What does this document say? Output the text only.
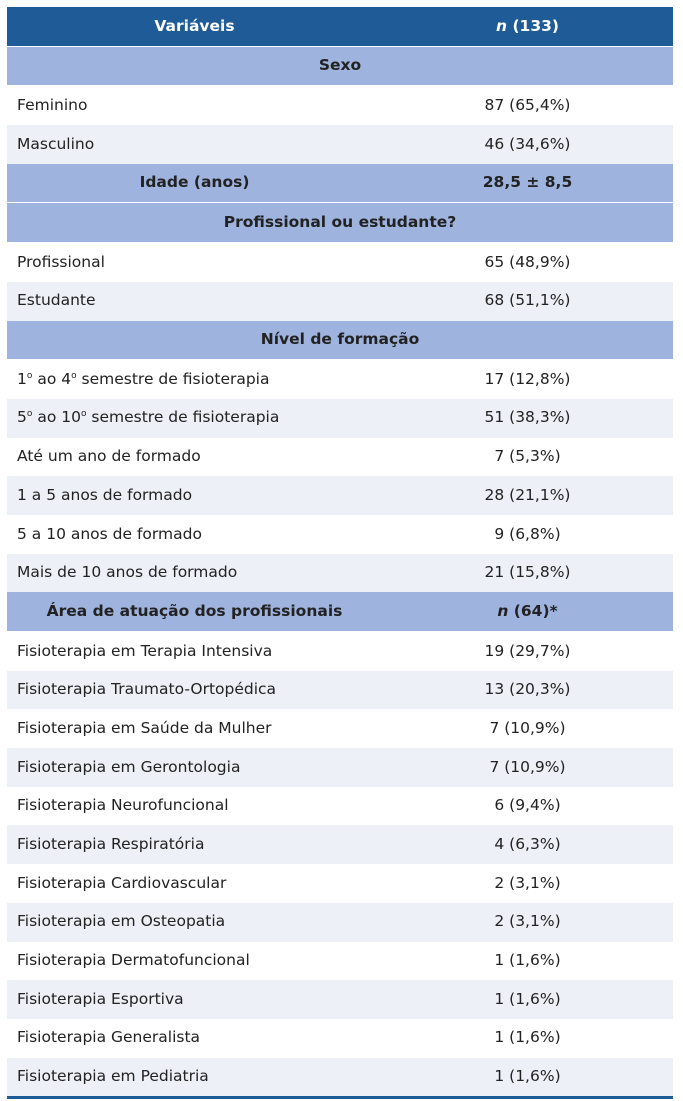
Variáveis	n (133)
Sexo	
Feminino	87 (65,4%)
Masculino	46 (34,6%)
Idade (anos)	28,5 ± 8,5
Profissional ou estudante?	
Profissional	65 (48,9%)
Estudante	68 (51,1%)
Nível de formação	
1$^o$ ao 4$^o$ semestre de fisioterapia	17 (12,8%)
5$^o$ ao 10$^o$ semestre de fisioterapia	51 (38,3%)
Até um ano de formado	7 (5,3%)
1 a 5 anos de formado	28 (21,1%)
5 a 10 anos de formado	9 (6,8%)
Mais de 10 anos de formado	21 (15,8%)
Área de atuação dos profissionais	n (64)*
Fisioterapia em Terapia Intensiva	19 (29,7%)
Fisioterapia Traumato-Ortopédica	13 (20,3%)
Fisioterapia em Saúde da Mulher	7 (10,9%)
Fisioterapia em Gerontologia	7 (10,9%)
Fisioterapia Neurofuncional	6 (9,4%)
Fisioterapia Respiratória	4 (6,3%)
Fisioterapia Cardiovascular	2 (3,1%)
Fisioterapia em Osteopatia	2 (3,1%)
Fisioterapia Dermatofuncional	1 (1,6%)
Fisioterapia Esportiva	1 (1,6%)
Fisioterapia Generalista	1 (1,6%)
Fisioterapia em Pediatria	1 (1,6%)
